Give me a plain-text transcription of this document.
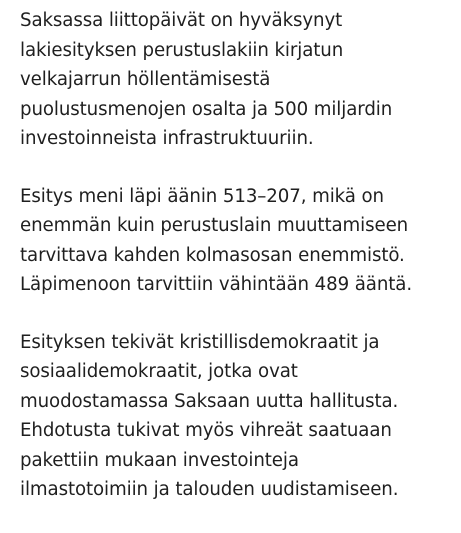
Saksassa liittopäivät on hyväksynyt
lakiesityksen perustuslakiin kirjatun
velkajarrun höllentämisestä
puolustusmenojen osalta ja 500 miljardin
investoinneista infrastruktuuriin.

Esitys meni läpi äänin 513–207, mikä on
enemmän kuin perustuslain muuttamiseen
tarvittava kahden kolmasosan enemmistö.
Läpimenoon tarvittiin vähintään 489 ääntä.

Esityksen tekivät kristillisdemokraatit ja
sosiaalidemokraatit, jotka ovat
muodostamassa Saksaan uutta hallitusta.
Ehdotusta tukivat myös vihreät saatuaan
pakettiin mukaan investointeja
ilmastotoimiin ja talouden uudistamiseen.
